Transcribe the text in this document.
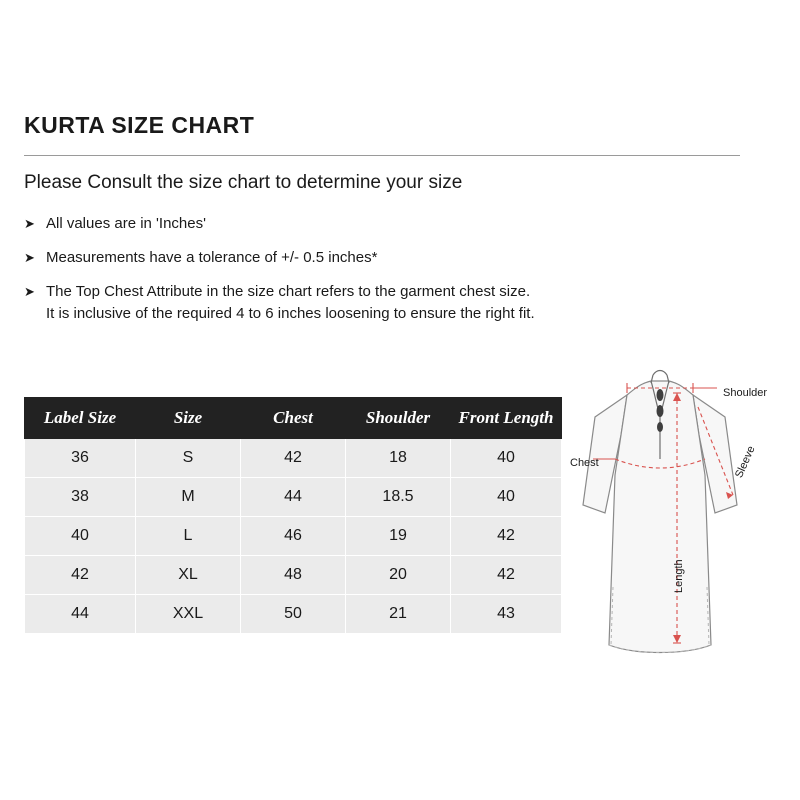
KURTA SIZE CHART
Please Consult the size chart to determine your size
➤ All values are in 'Inches'
➤ Measurements have a tolerance of +/- 0.5 inches*
➤ The Top Chest Attribute in the size chart refers to the garment chest size.
It is inclusive of the required 4 to 6 inches loosening to ensure the right fit.
Label Size	Size	Chest	Shoulder	Front Length
36	S	42	18	40
38	M	44	18.5	40
40	L	46	19	42
42	XL	48	20	42
44	XXL	50	21	43
Shoulder
Chest	Sleeve
Length
